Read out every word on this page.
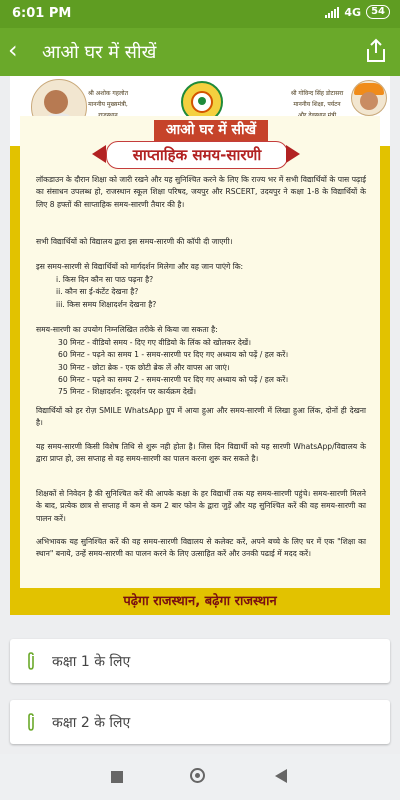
6:01 PM	4G	54
‹ आओ घर में सीखें
श्री अशोक गहलोत
माननीय मुख्यमंत्री,
श्री गोविन्द सिंह डोटासरा
माननीय शिक्षा, पर्यटन
आओ घर में सीखें
साप्ताहिक समय-सारणी

लॉकडाउन के दौरान शिक्षा को जारी रखने और यह सुनिश्चित करने के लिए कि राज्य भर में सभी विद्यार्थियों के पास पढ़ाई का संसाधन उपलब्ध हो, राजस्थान स्कूल शिक्षा परिषद, जयपुर और RSCERT, उदयपुर ने कक्षा 1-8 के विद्यार्थियों के लिए 8 हफ्तों की साप्ताहिक समय-सारणी तैयार की है।

सभी विद्यार्थियों को विद्यालय द्वारा इस समय-सारणी की कॉपी दी जाएगी।

इस समय-सारणी से विद्यार्थियों को मार्गदर्शन मिलेगा और वह जान पाएंगे कि:

i. किस दिन कौन सा पाठ पढ़ना है?
ii. कौन सा ई-कंटेंट देखना है?
iii. किस समय शिक्षादर्शन देखना है?

समय-सारणी का उपयोग निम्नलिखित तरीके से किया जा सकता है:

30 मिनट - वीडियो समय - दिए गए वीडियो के लिंक को खोलकर देखें।
60 मिनट - पढ़ने का समय 1 - समय-सारणी पर दिए गए अध्याय को पढ़ें / हल करें।
30 मिनट - छोटा ब्रेक - एक छोटी ब्रेक लें और वापस आ जाएं।
60 मिनट - पढ़ने का समय 2 - समय-सारणी पर दिए गए अध्याय को पढ़ें / हल करें।
75 मिनट - शिक्षादर्शन: दूरदर्शन पर कार्यक्रम देखें।

विद्यार्थियों को हर रोज़ SMILE WhatsApp ग्रुप में आया हुआ और समय-सारणी में लिखा हुआ लिंक, दोनों ही देखना है।

यह समय-सारणी किसी विशेष तिथि से शुरू नही होता है। जिस दिन विद्यार्थी को यह सारणी WhatsApp/विद्यालय के द्वारा प्राप्त हो, उस सप्ताह से वह समय-सारणी का पालन करना शुरू कर सकते है।

शिक्षकों से निवेदन है की सुनिश्चित करें की आपके कक्षा के हर विद्यार्थी तक यह समय-सारणी पहुंचे। समय-सारणी मिलने के बाद, प्रत्येक छात्र से सप्ताह में कम से कम 2 बार फोन के द्वारा जुड़ें और यह सुनिश्चित करें की वह समय-सारणी का पालन करें।

अभिभावक यह सुनिश्चित करें की वह समय-सारणी विद्यालय से कलेक्ट करें, अपने बच्चे के लिए घर में एक "शिक्षा का स्थान" बनाये, उन्हें समय-सारणी का पालन करने के लिए उत्साहित करें और उनकी पढाई में मदद करें।

पढ़ेगा राजस्थान, बढ़ेगा राजस्थान
कक्षा 1 के लिए
कक्षा 2 के लिए
